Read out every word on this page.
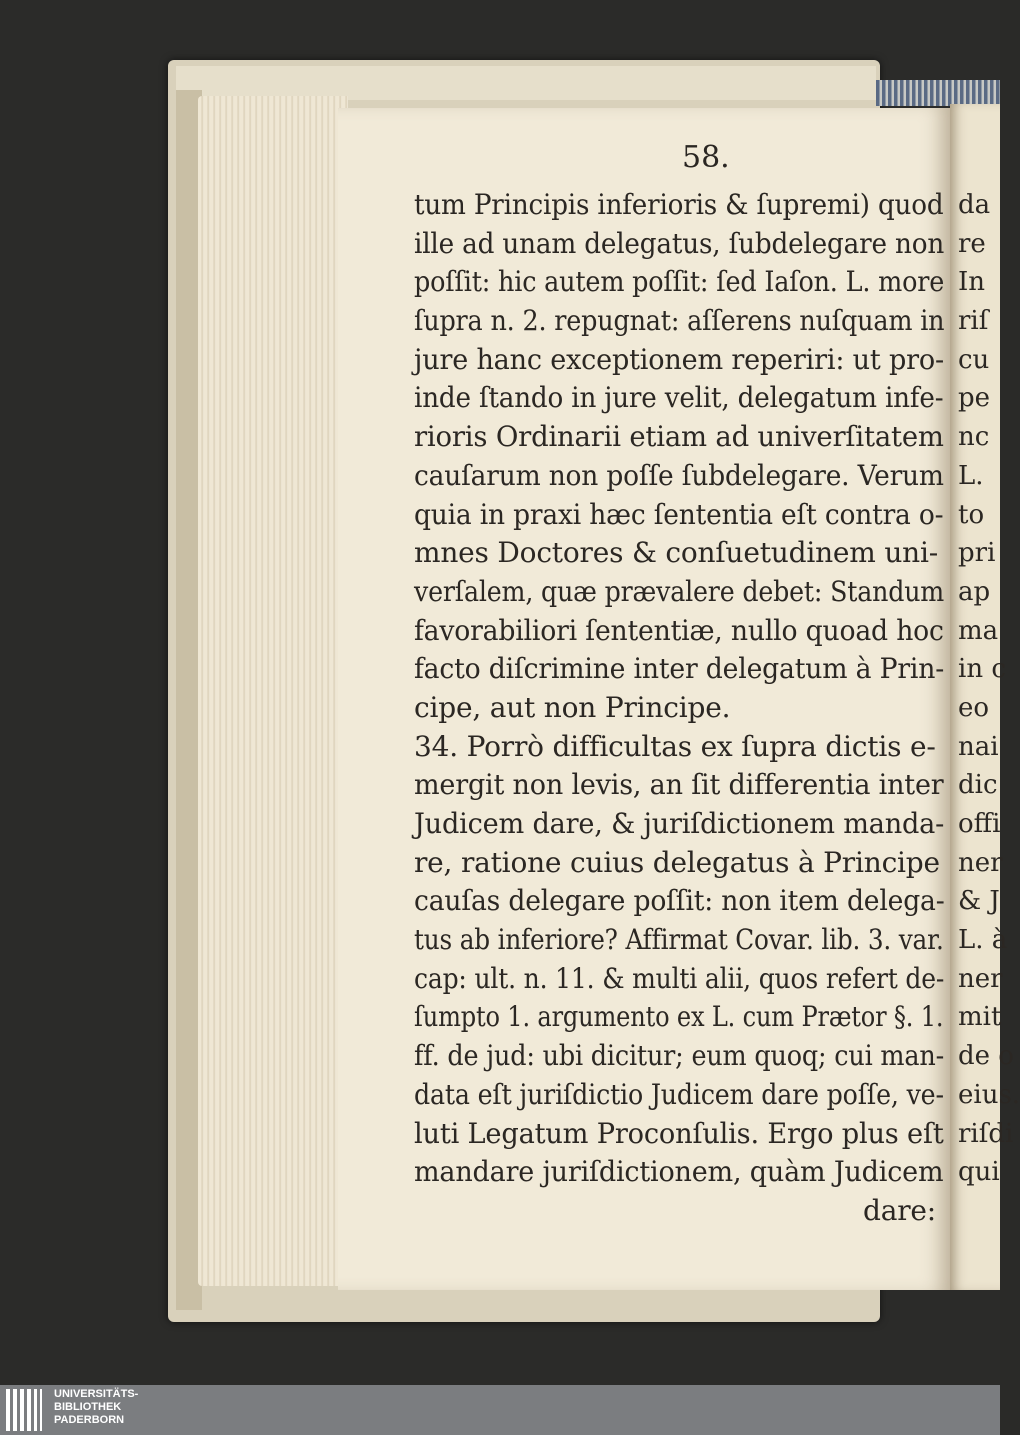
58.
tum Principis inferioris & ſupremi) quod
ille ad unam delegatus, ſubdelegare non
poſſit: hic autem poſſit: ſed Iaſon. L. more
ſupra n. 2. repugnat: aſſerens nuſquam in
jure hanc exceptionem reperiri: ut pro-
inde ſtando in jure velit, delegatum infe-
rioris Ordinarii etiam ad univerſitatem
cauſarum non poſſe ſubdelegare. Verum
quia in praxi hæc ſententia eſt contra o-
mnes Doctores & conſuetudinem uni-
verſalem, quæ prævalere debet: Standum
favorabiliori ſententiæ, nullo quoad hoc
facto diſcrimine inter delegatum à Prin-
cipe, aut non Principe.
34. Porrò difficultas ex ſupra dictis e-
mergit non levis, an ſit differentia inter
Judicem dare, & juriſdictionem manda-
re, ratione cuius delegatus à Principe
cauſas delegare poſſit: non item delega-
tus ab inferiore? Affirmat Covar. lib. 3. var.
cap: ult. n. 11. & multi alii, quos refert de-
ſumpto 1. argumento ex L. cum Prætor §. 1.
ff. de jud: ubi dicitur; eum quoq; cui man-
data eſt juriſdictio Judicem dare poſſe, ve-
luti Legatum Proconſulis. Ergo plus eſt
mandare juriſdictionem, quàm Judicem
dare:
da
re
In
riſ
cu
pe
nc
L.
to
pri
ap
ma
in c
eo
nai
dic
offi
ner
& J
L. à
ner
mit
de o
eius.
riſdi
qui
UNIVERSITÄTS-
BIBLIOTHEK
PADERBORN
